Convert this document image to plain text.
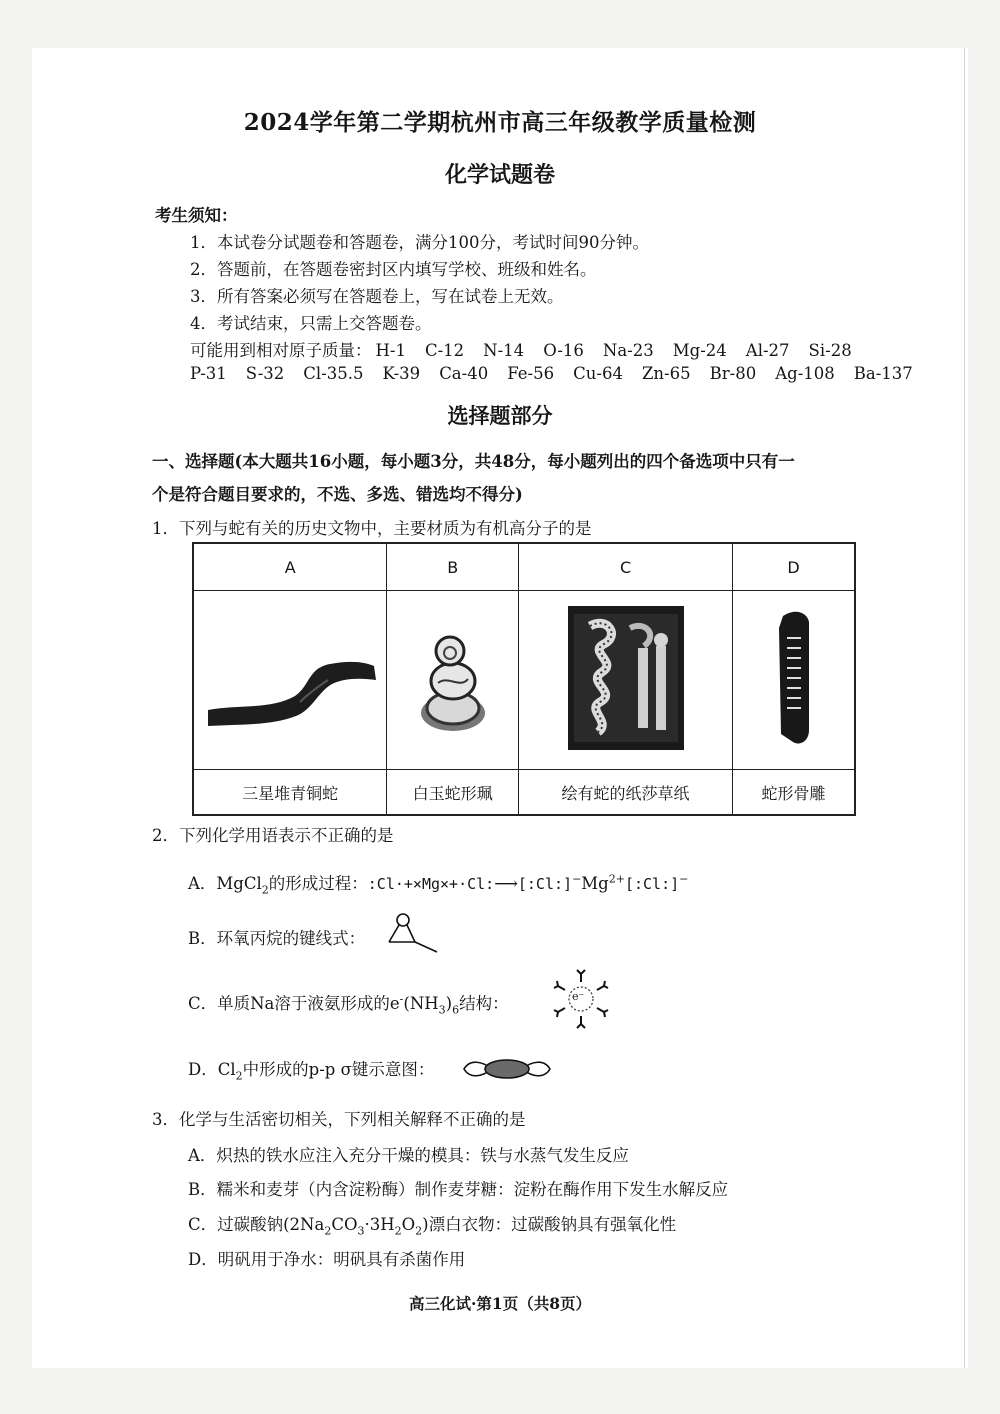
2024学年第二学期杭州市高三年级教学质量检测
化学试题卷
考生须知：
1．本试卷分试题卷和答题卷，满分100分，考试时间90分钟。
2．答题前，在答题卷密封区内填写学校、班级和姓名。
3．所有答案必须写在答题卷上，写在试卷上无效。
4．考试结束，只需上交答题卷。
可能用到相对原子质量： H-1 C-12 N-14 O-16 Na-23 Mg-24 Al-27 Si-28
P-31 S-32 Cl-35.5 K-39 Ca-40 Fe-56 Cu-64 Zn-65 Br-80 Ag-108 Ba-137
选择题部分
一、选择题(本大题共16小题，每小题3分，共48分，每小题列出的四个备选项中只有一
个是符合题目要求的，不选、多选、错选均不得分)
1．下列与蛇有关的历史文物中，主要材质为有机高分子的是
A	B	C	D

三星堆青铜蛇	白玉蛇形珮	绘有蛇的纸莎草纸	蛇形骨雕
2．下列化学用语表示不正确的是
A．MgCl$_2$的形成过程：$:Cl\cdot+\times Mg\times+\cdot Cl:⟶[:Cl:]^-Mg^{2+}[:Cl:]^-$
B．环氧丙烷的键线式：
C．单质Na溶于液氨形成的$e^-(NH_3)_6$结构：	e⁻
D．$Cl_2$中形成的p-p σ键示意图：
3．化学与生活密切相关，下列相关解释不正确的是
A．炽热的铁水应注入充分干燥的模具：铁与水蒸气发生反应
B．糯米和麦芽（内含淀粉酶）制作麦芽糖：淀粉在酶作用下发生水解反应
C．过碳酸钠$(2Na_2CO_3\cdot 3H_2O_2)$漂白衣物：过碳酸钠具有强氧化性
D．明矾用于净水：明矾具有杀菌作用
高三化试·第1页（共8页）
